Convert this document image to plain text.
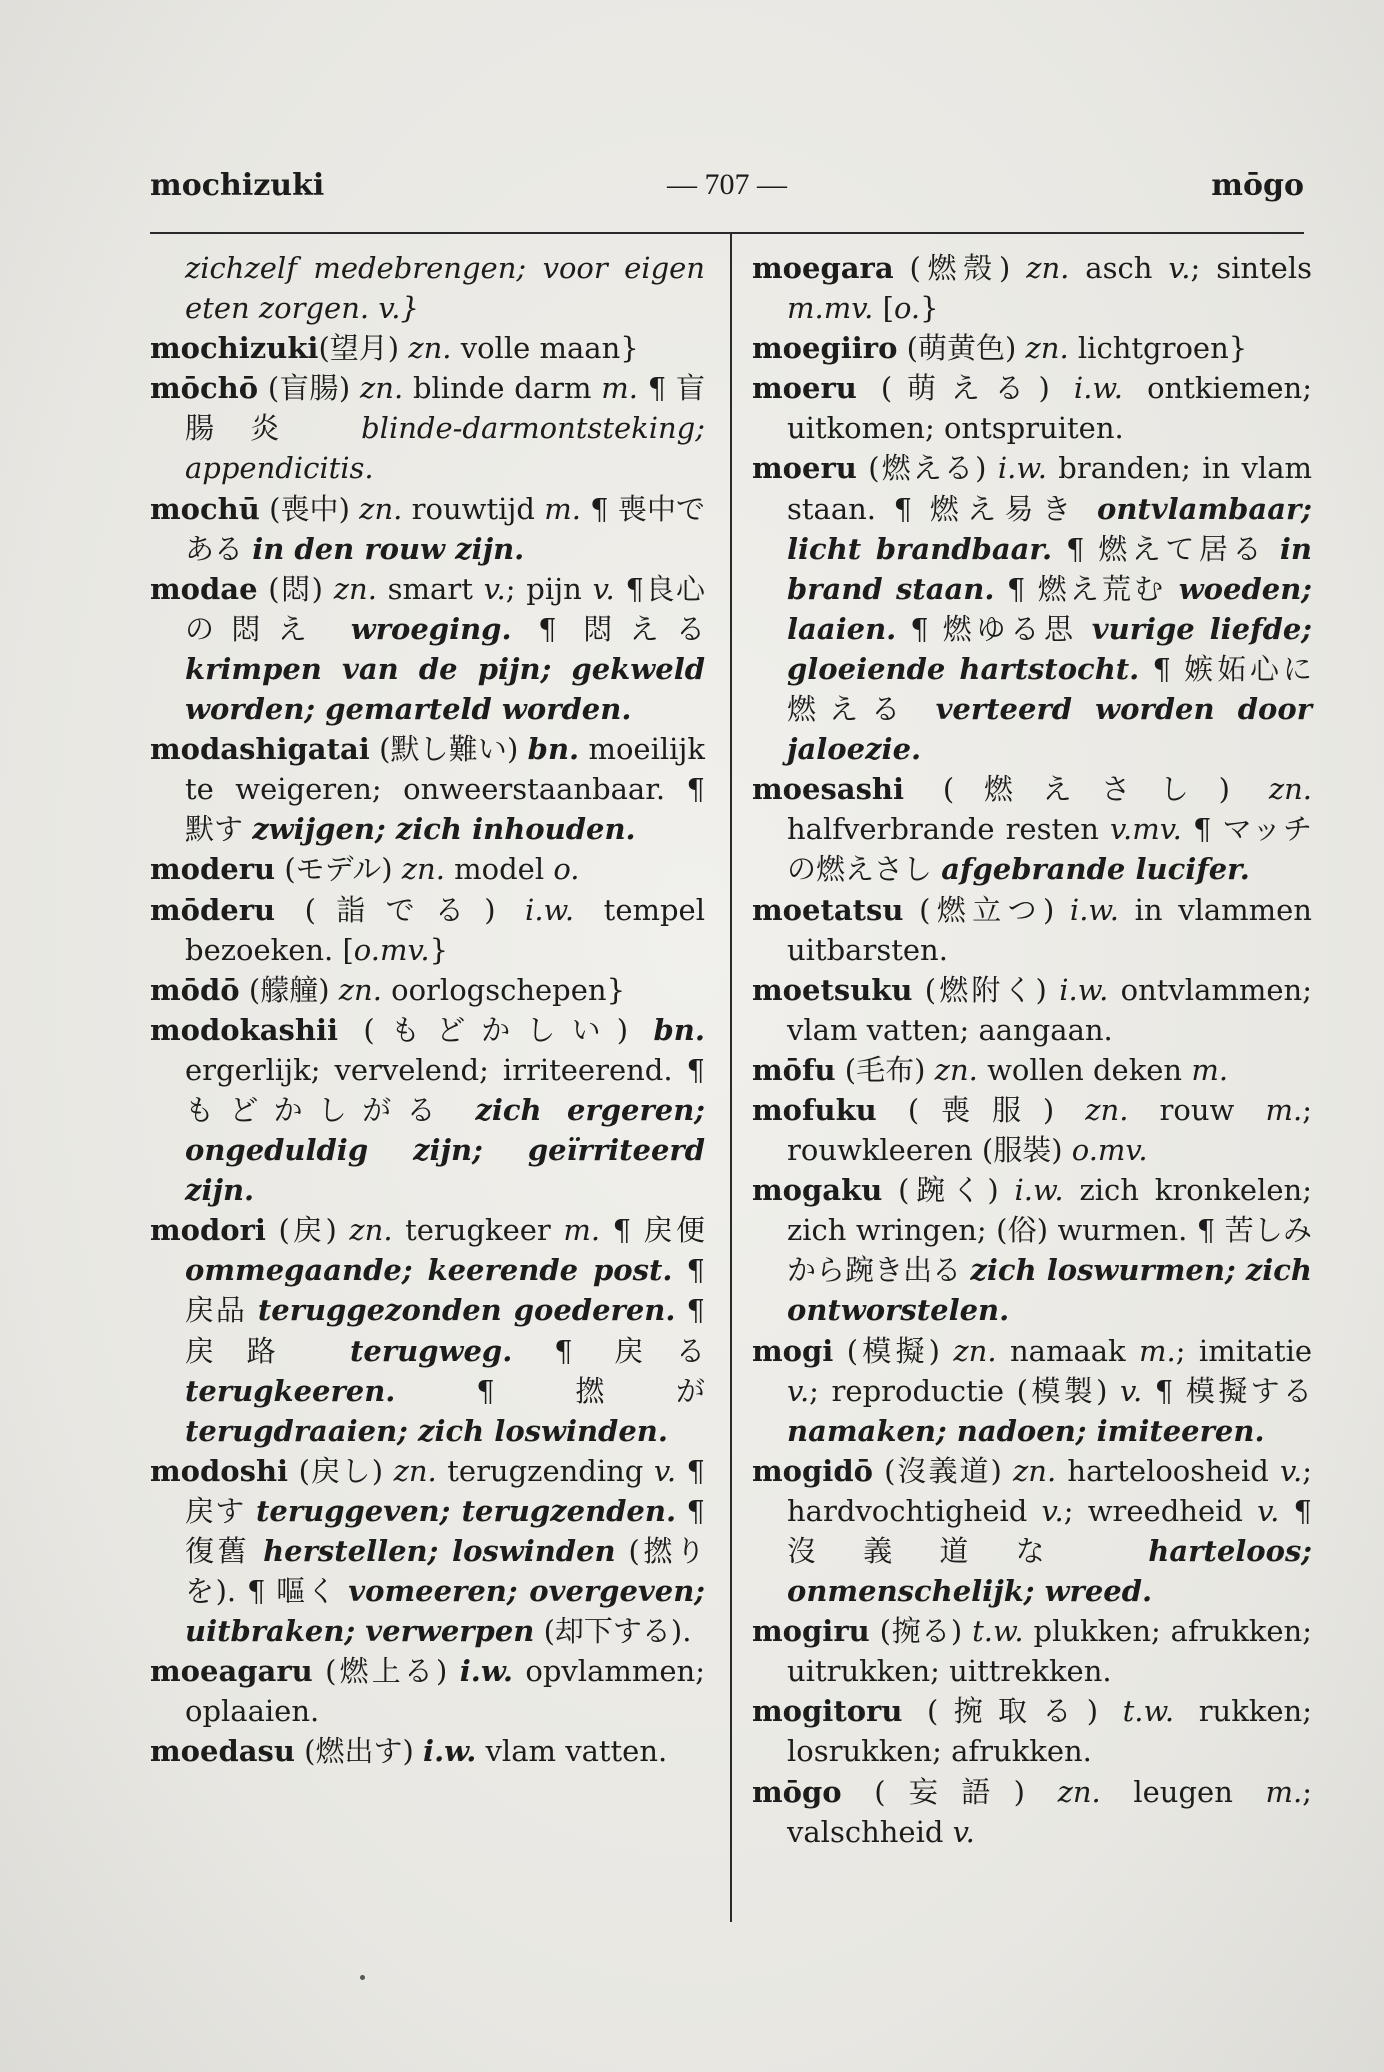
mochizuki	— 707 —	mōgo

zichzelf medebrengen; voor eigen eten zorgen. v.}

mochizuki(望月) zn. volle maan}

mōchō (盲腸) zn. blinde darm m. ¶ 盲腸炎 blinde-darmontsteking; appendicitis.

mochū (喪中) zn. rouwtijd m. ¶ 喪中である in den rouw zijn.

modae (悶) zn. smart v.; pijn v. ¶良心の悶え wroeging. ¶ 悶える krimpen van de pijn; gekweld worden; gemarteld worden.

modashigatai (默し難い) bn. moeilijk te weigeren; onweerstaanbaar. ¶ 默す zwijgen; zich inhouden.

moderu (モデル) zn. model o.

mōderu (詣でる) i.w. tempel bezoeken. [o.mv.}

mōdō (艨艟) zn. oorlogschepen}

modokashii (もどかしい) bn. ergerlijk; vervelend; irriteerend. ¶ もどかしがる zich ergeren; ongeduldig zijn; geïrriteerd zijn.

modori (戻) zn. terugkeer m. ¶ 戻便 ommegaande; keerende post. ¶ 戻品 teruggezonden goederen. ¶ 戻路 terugweg. ¶ 戻る terugkeeren. ¶ 撚が terugdraaien; zich loswinden.

modoshi (戻し) zn. terugzending v. ¶ 戻す teruggeven; terugzenden. ¶ 復舊 herstellen; loswinden (撚りを). ¶ 嘔く vomeeren; overgeven; uitbraken; verwerpen (却下する).

moeagaru (燃上る) i.w. opvlammen; oplaaien.

moedasu (燃出す) i.w. vlam vatten.

moegara (燃殼) zn. asch v.; sintels m.mv. [o.}

moegiiro (萌黄色) zn. lichtgroen}

moeru (萌える) i.w. ontkiemen; uitkomen; ontspruiten.

moeru (燃える) i.w. branden; in vlam staan. ¶ 燃え易き ontvlambaar; licht brandbaar. ¶ 燃えて居る in brand staan. ¶ 燃え荒む woeden; laaien. ¶ 燃ゆる思 vurige liefde; gloeiende hartstocht. ¶ 嫉妬心に燃える verteerd worden door jaloezie.

moesashi (燃えさし) zn. halfverbrande resten v.mv. ¶ マッチの燃えさし afgebrande lucifer.

moetatsu (燃立つ) i.w. in vlammen uitbarsten.

moetsuku (燃附く) i.w. ontvlammen; vlam vatten; aangaan.

mōfu (毛布) zn. wollen deken m.

mofuku (喪服) zn. rouw m.; rouwkleeren (服裝) o.mv.

mogaku (踠く) i.w. zich kronkelen; zich wringen; (俗) wurmen. ¶ 苦しみから踠き出る zich loswurmen; zich ontworstelen.

mogi (模擬) zn. namaak m.; imitatie v.; reproductie (模製) v. ¶ 模擬する namaken; nadoen; imiteeren.

mogidō (沒義道) zn. harteloosheid v.; hardvochtigheid v.; wreedheid v. ¶ 沒義道な harteloos; onmenschelijk; wreed.

mogiru (捥る) t.w. plukken; afrukken; uitrukken; uittrekken.

mogitoru (捥取る) t.w. rukken; losrukken; afrukken.

mōgo (妄語) zn. leugen m.; valschheid v.
